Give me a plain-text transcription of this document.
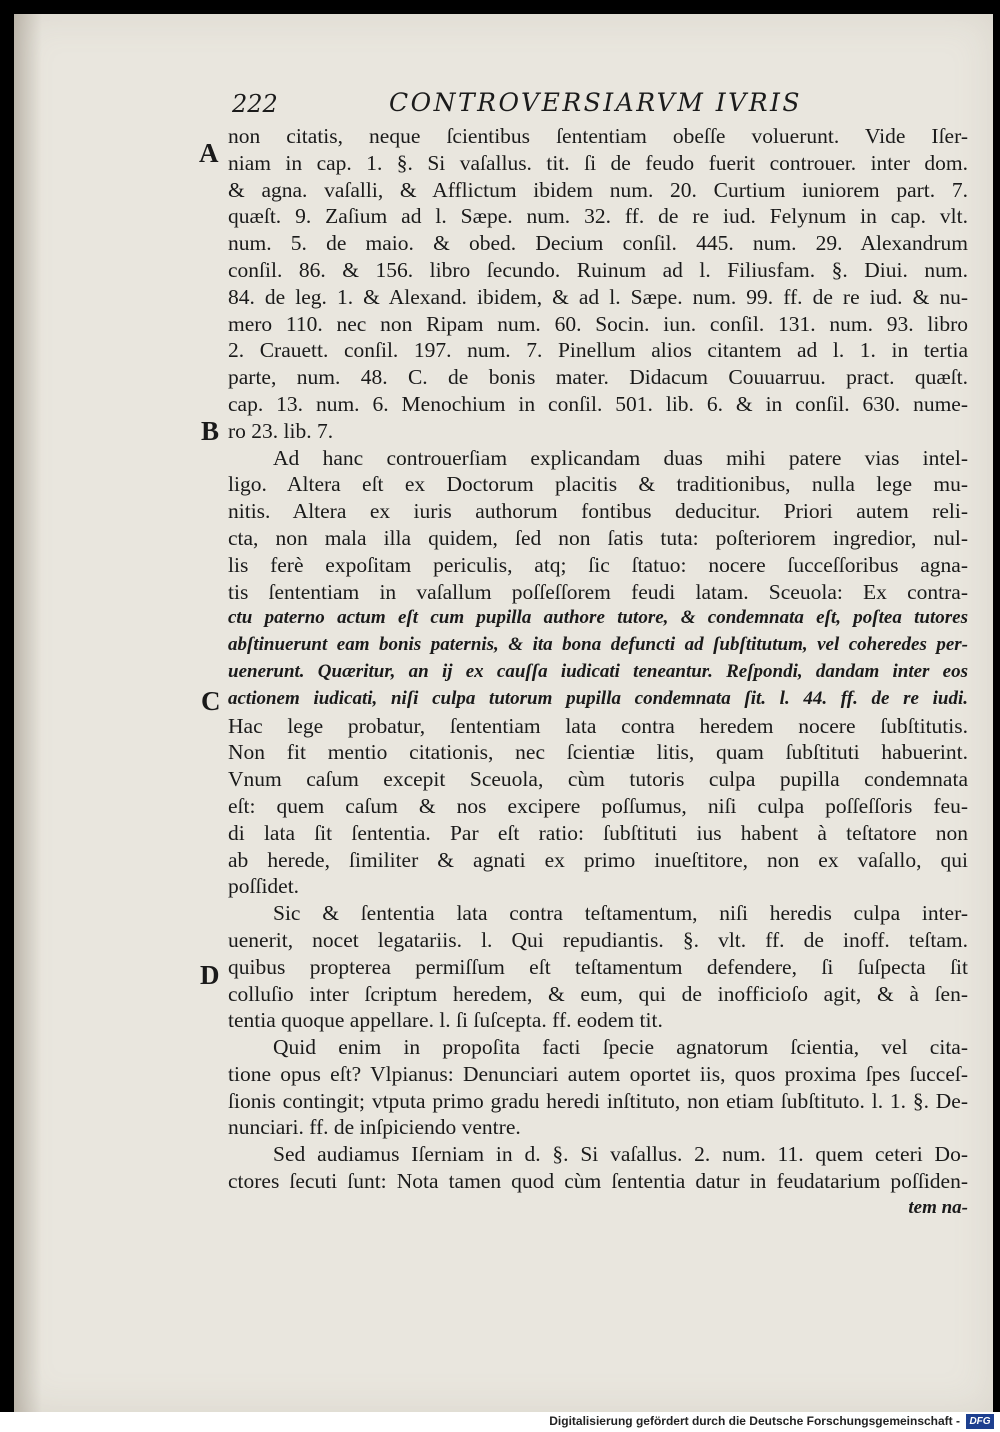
222	CONTROVERSIARVM IVRIS
A
B
C
D
non citatis, neque ſcientibus ſententiam obeſſe voluerunt. Vide Iſer-
niam in cap. 1. §. Si vaſallus. tit. ſi de feudo fuerit controuer. inter dom.
& agna. vaſalli, & Afflictum ibidem num. 20. Curtium iuniorem part. 7.
quæſt. 9. Zaſium ad l. Sæpe. num. 32. ff. de re iud. Felynum in cap. vlt.
num. 5. de maio. & obed. Decium conſil. 445. num. 29. Alexandrum
conſil. 86. & 156. libro ſecundo. Ruinum ad l. Filiusfam. §. Diui. num.
84. de leg. 1. & Alexand. ibidem, & ad l. Sæpe. num. 99. ff. de re iud. & nu-
mero 110. nec non Ripam num. 60. Socin. iun. conſil. 131. num. 93. libro
2. Crauett. conſil. 197. num. 7. Pinellum alios citantem ad l. 1. in tertia
parte, num. 48. C. de bonis mater. Didacum Couuarruu. pract. quæſt.
cap. 13. num. 6. Menochium in conſil. 501. lib. 6. & in conſil. 630. nume-
ro 23. lib. 7.
Ad hanc controuerſiam explicandam duas mihi patere vias intel-
ligo. Altera eſt ex Doctorum placitis & traditionibus, nulla lege mu-
nitis. Altera ex iuris authorum fontibus deducitur. Priori autem reli-
cta, non mala illa quidem, ſed non ſatis tuta: poſteriorem ingredior, nul-
lis ferè expoſitam periculis, atq; ſic ſtatuo: nocere ſucceſſoribus agna-
tis ſententiam in vaſallum poſſeſſorem feudi latam. Sceuola: Ex contra-
ctu paterno actum eſt cum pupilla authore tutore, & condemnata eſt, poſtea tutores
abſtinuerunt eam bonis paternis, & ita bona defuncti ad ſubſtitutum, vel coheredes per-
uenerunt. Quæritur, an ij ex cauſſa iudicati teneantur. Reſpondi, dandam inter eos
actionem iudicati, niſi culpa tutorum pupilla condemnata ſit. l. 44. ff. de re iudi.
Hac lege probatur, ſententiam lata contra heredem nocere ſubſtitutis.
Non fit mentio citationis, nec ſcientiæ litis, quam ſubſtituti habuerint.
Vnum caſum excepit Sceuola, cùm tutoris culpa pupilla condemnata
eſt: quem caſum & nos excipere poſſumus, niſi culpa poſſeſſoris feu-
di lata ſit ſententia. Par eſt ratio: ſubſtituti ius habent à teſtatore non
ab herede, ſimiliter & agnati ex primo inueſtitore, non ex vaſallo, qui
poſſidet.
Sic & ſententia lata contra teſtamentum, niſi heredis culpa inter-
uenerit, nocet legatariis. l. Qui repudiantis. §. vlt. ff. de inoff. teſtam.
quibus propterea permiſſum eſt teſtamentum defendere, ſi ſuſpecta ſit
colluſio inter ſcriptum heredem, & eum, qui de inofficioſo agit, & à ſen-
tentia quoque appellare. l. ſi ſuſcepta. ff. eodem tit.
Quid enim in propoſita facti ſpecie agnatorum ſcientia, vel cita-
tione opus eſt? Vlpianus: Denunciari autem oportet iis, quos proxima ſpes ſucceſ-
ſionis contingit; vtputa primo gradu heredi inſtituto, non etiam ſubſtituto. l. 1. §. De-
nunciari. ff. de inſpiciendo ventre.
Sed audiamus Iſerniam in d. §. Si vaſallus. 2. num. 11. quem ceteri Do-
ctores ſecuti ſunt: Nota tamen quod cùm ſententia datur in feudatarium poſſiden-
tem na-
Digitalisierung gefördert durch die Deutsche Forschungsgemeinschaft - DFG
